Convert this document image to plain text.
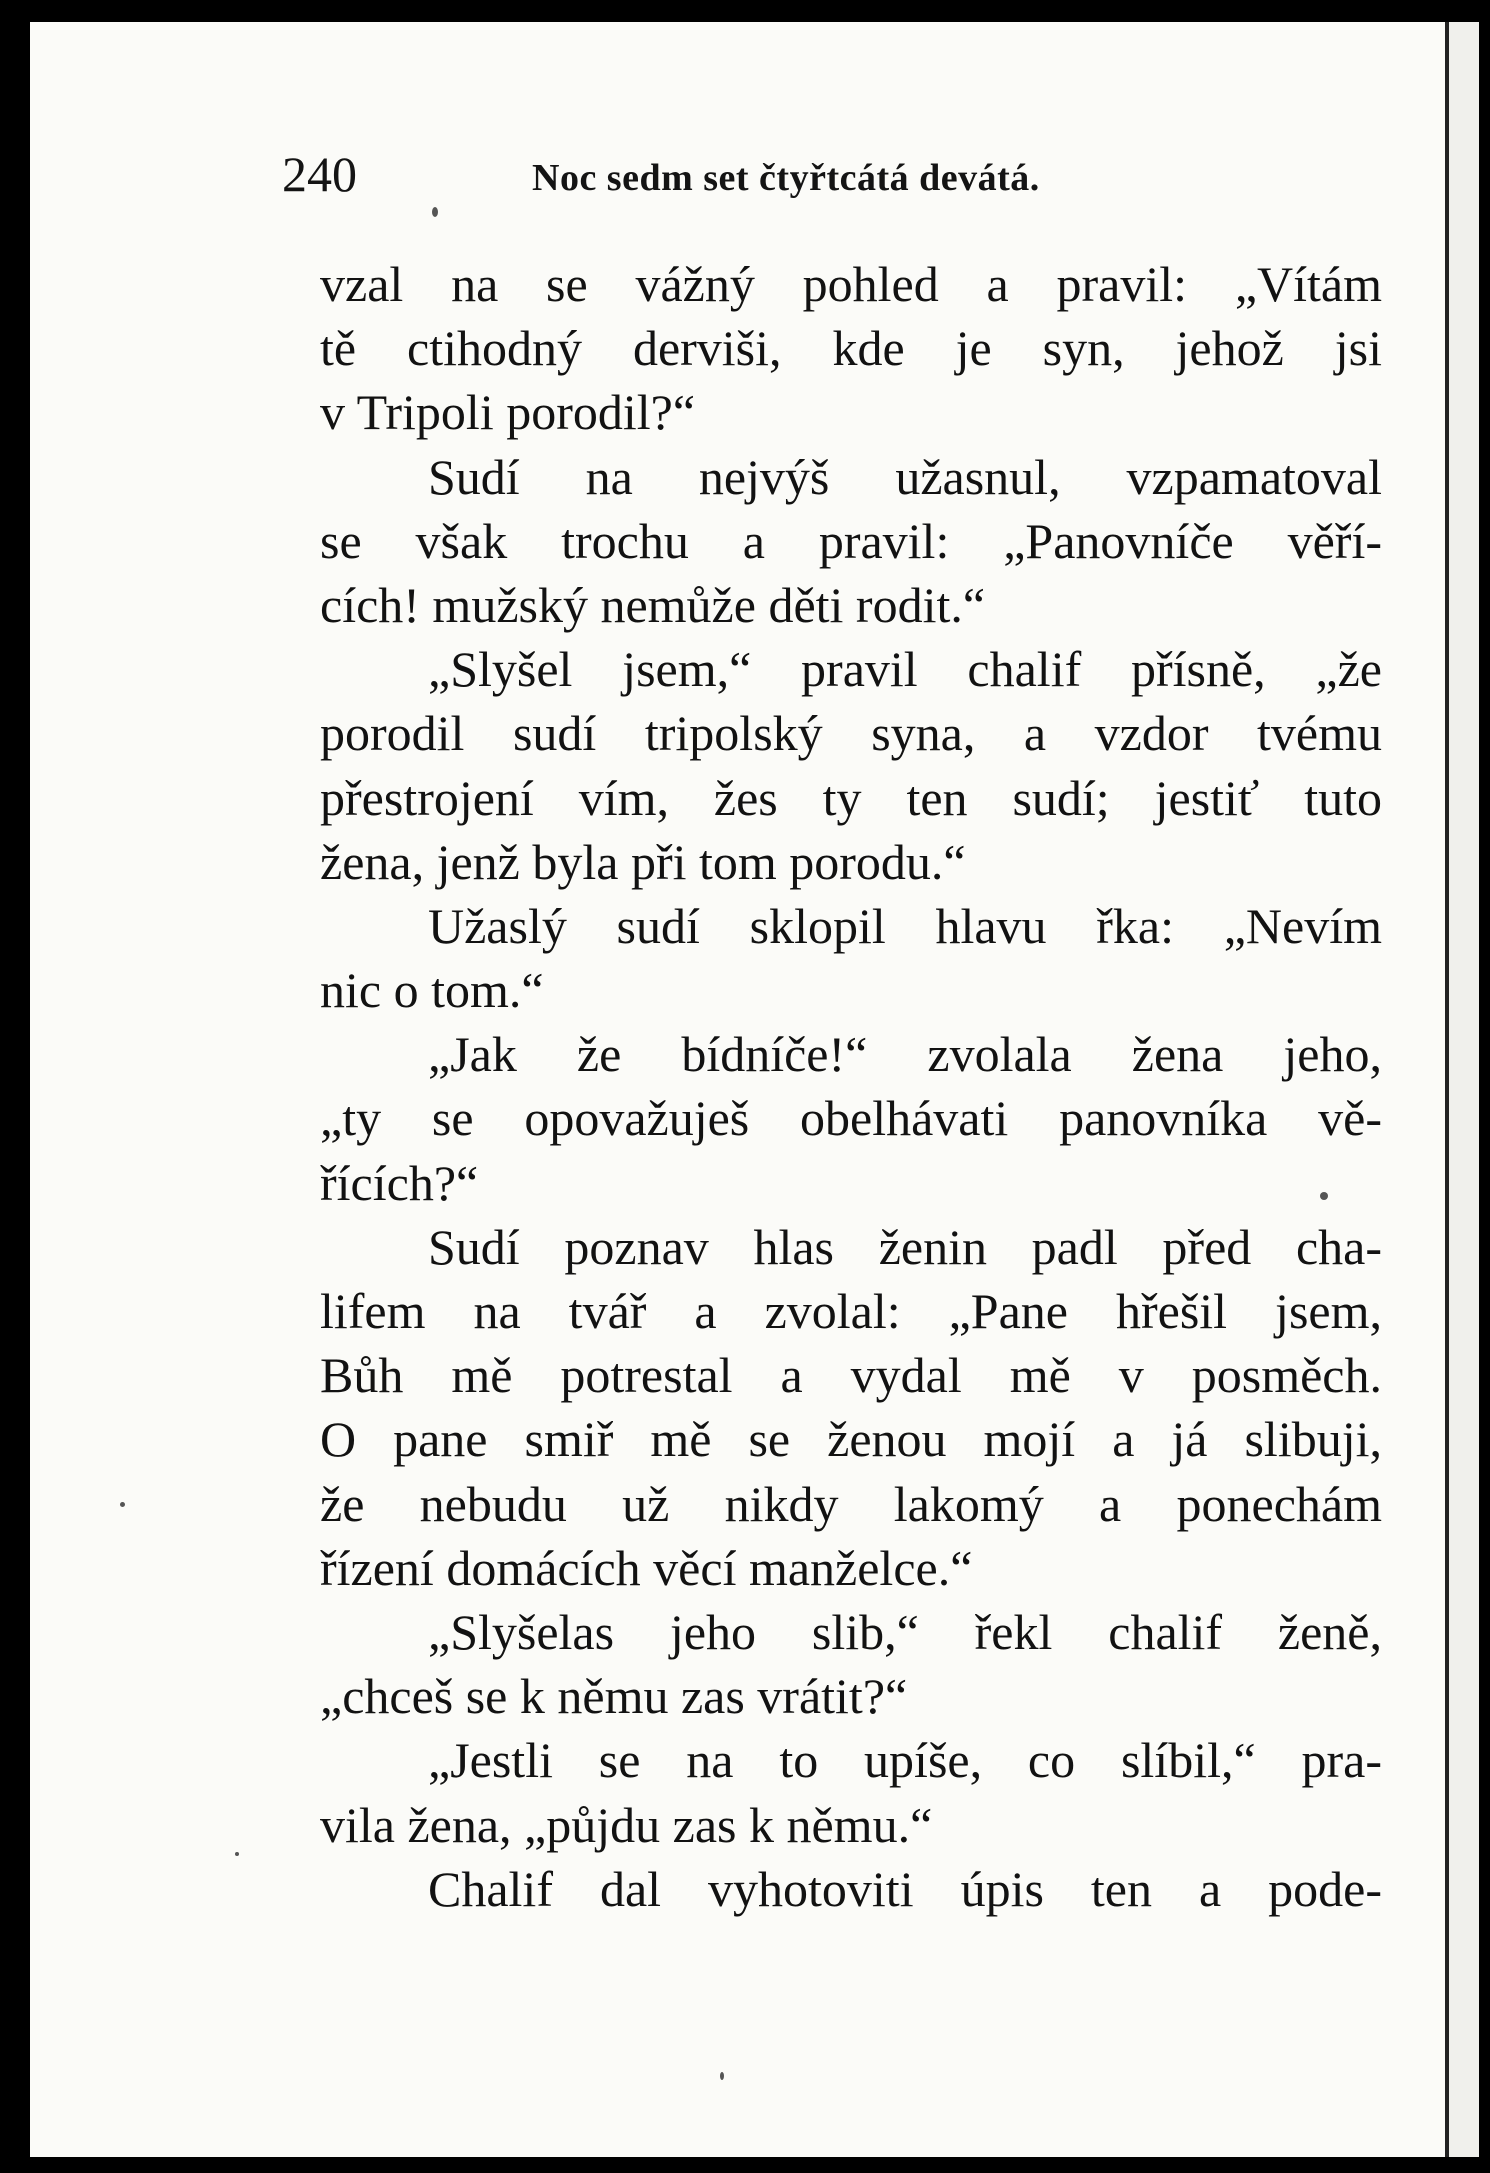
240	Noc sedm set čtyřtcátá devátá.
vzal na se vážný pohled a pravil: „Vítám
tě ctihodný derviši, kde je syn, jehož jsi
v Tripoli porodil?“
Sudí na nejvýš užasnul, vzpamatoval
se však trochu a pravil: „Panovníče věří-
cích! mužský nemůže děti rodit.“
„Slyšel jsem,“ pravil chalif přísně, „že
porodil sudí tripolský syna, a vzdor tvému
přestrojení vím, žes ty ten sudí; jestiť tuto
žena, jenž byla při tom porodu.“
Užaslý sudí sklopil hlavu řka: „Nevím
nic o tom.“
„Jak že bídníče!“ zvolala žena jeho,
„ty se opovažuješ obelhávati panovníka vě-
řících?“
Sudí poznav hlas ženin padl před cha-
lifem na tvář a zvolal: „Pane hřešil jsem,
Bůh mě potrestal a vydal mě v posměch.
O pane smiř mě se ženou mojí a já slibuji,
že nebudu už nikdy lakomý a ponechám
řízení domácích věcí manželce.“
„Slyšelas jeho slib,“ řekl chalif ženě,
„chceš se k němu zas vrátit?“
„Jestli se na to upíše, co slíbil,“ pra-
vila žena, „půjdu zas k němu.“
Chalif dal vyhotoviti úpis ten a pode-
